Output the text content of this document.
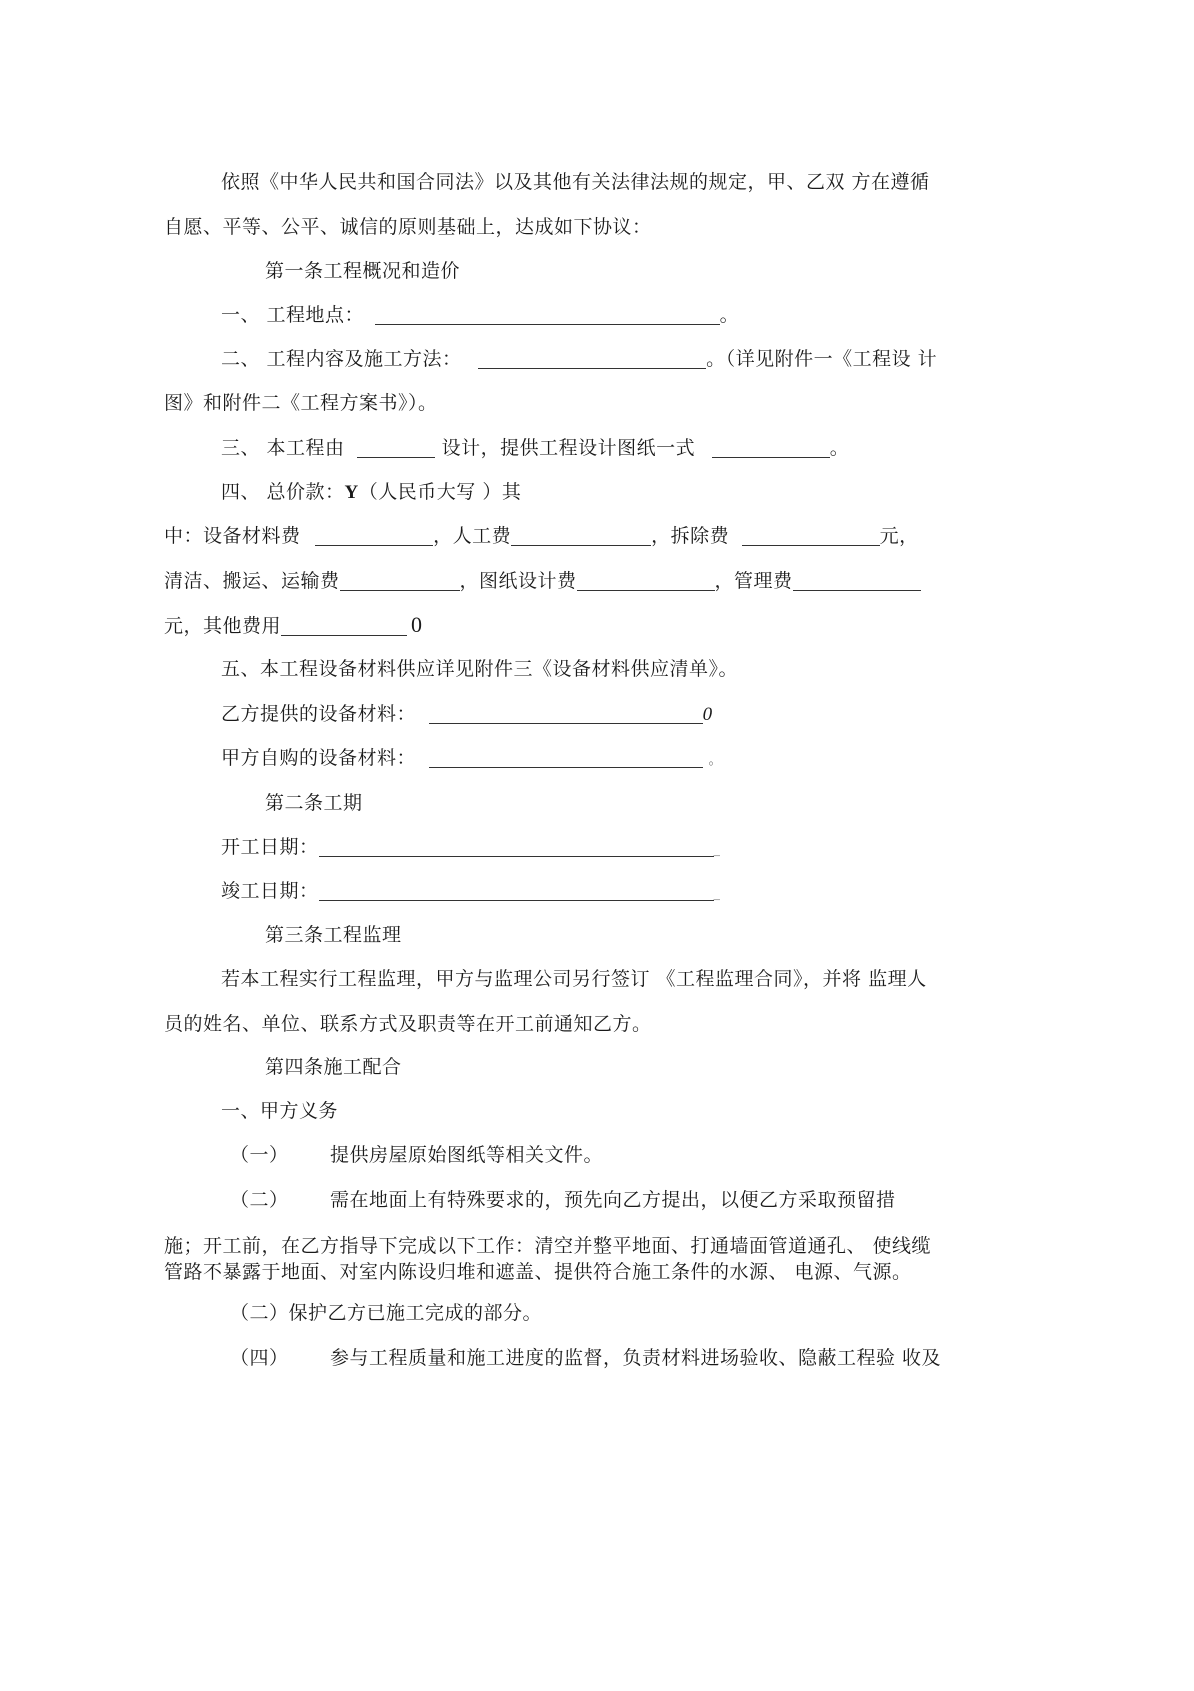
依照《中华人民共和国合同法》以及其他有关法律法规的规定，甲、乙双 方在遵循
自愿、平等、公平、诚信的原则基础上，达成如下协议：
第一条工程概况和造价
一、 工程地点：	。
二、 工程内容及施工方法：	。（详见附件一《工程设 计
图》和附件二《工程方案书》）。
三、 本工程由	设计，提供工程设计图纸一式	。
四、 总价款：Y（人民币大写 ）其
中：设备材料费	，人工费	，拆除费	元，
清洁、搬运、运输费	，图纸设计费	，管理费
元，其他费用	0
五、本工程设备材料供应详见附件三《设备材料供应清单》。
乙方提供的设备材料：	0
甲方自购的设备材料：	。
第二条工期
开工日期：	_
竣工日期：	_
第三条工程监理
若本工程实行工程监理，甲方与监理公司另行签订 《工程监理合同》，并将 监理人
员的姓名、单位、联系方式及职责等在开工前通知乙方。
第四条施工配合
一、甲方义务
（一） 提供房屋原始图纸等相关文件。
（二） 需在地面上有特殊要求的，预先向乙方提出，以便乙方采取预留措
施；开工前，在乙方指导下完成以下工作：清空并整平地面、打通墙面管道通孔、 使线缆
管路不暴露于地面、对室内陈设归堆和遮盖、提供符合施工条件的水源、 电源、气源。
（二）保护乙方已施工完成的部分。
（四） 参与工程质量和施工进度的监督，负责材料进场验收、隐蔽工程验 收及
